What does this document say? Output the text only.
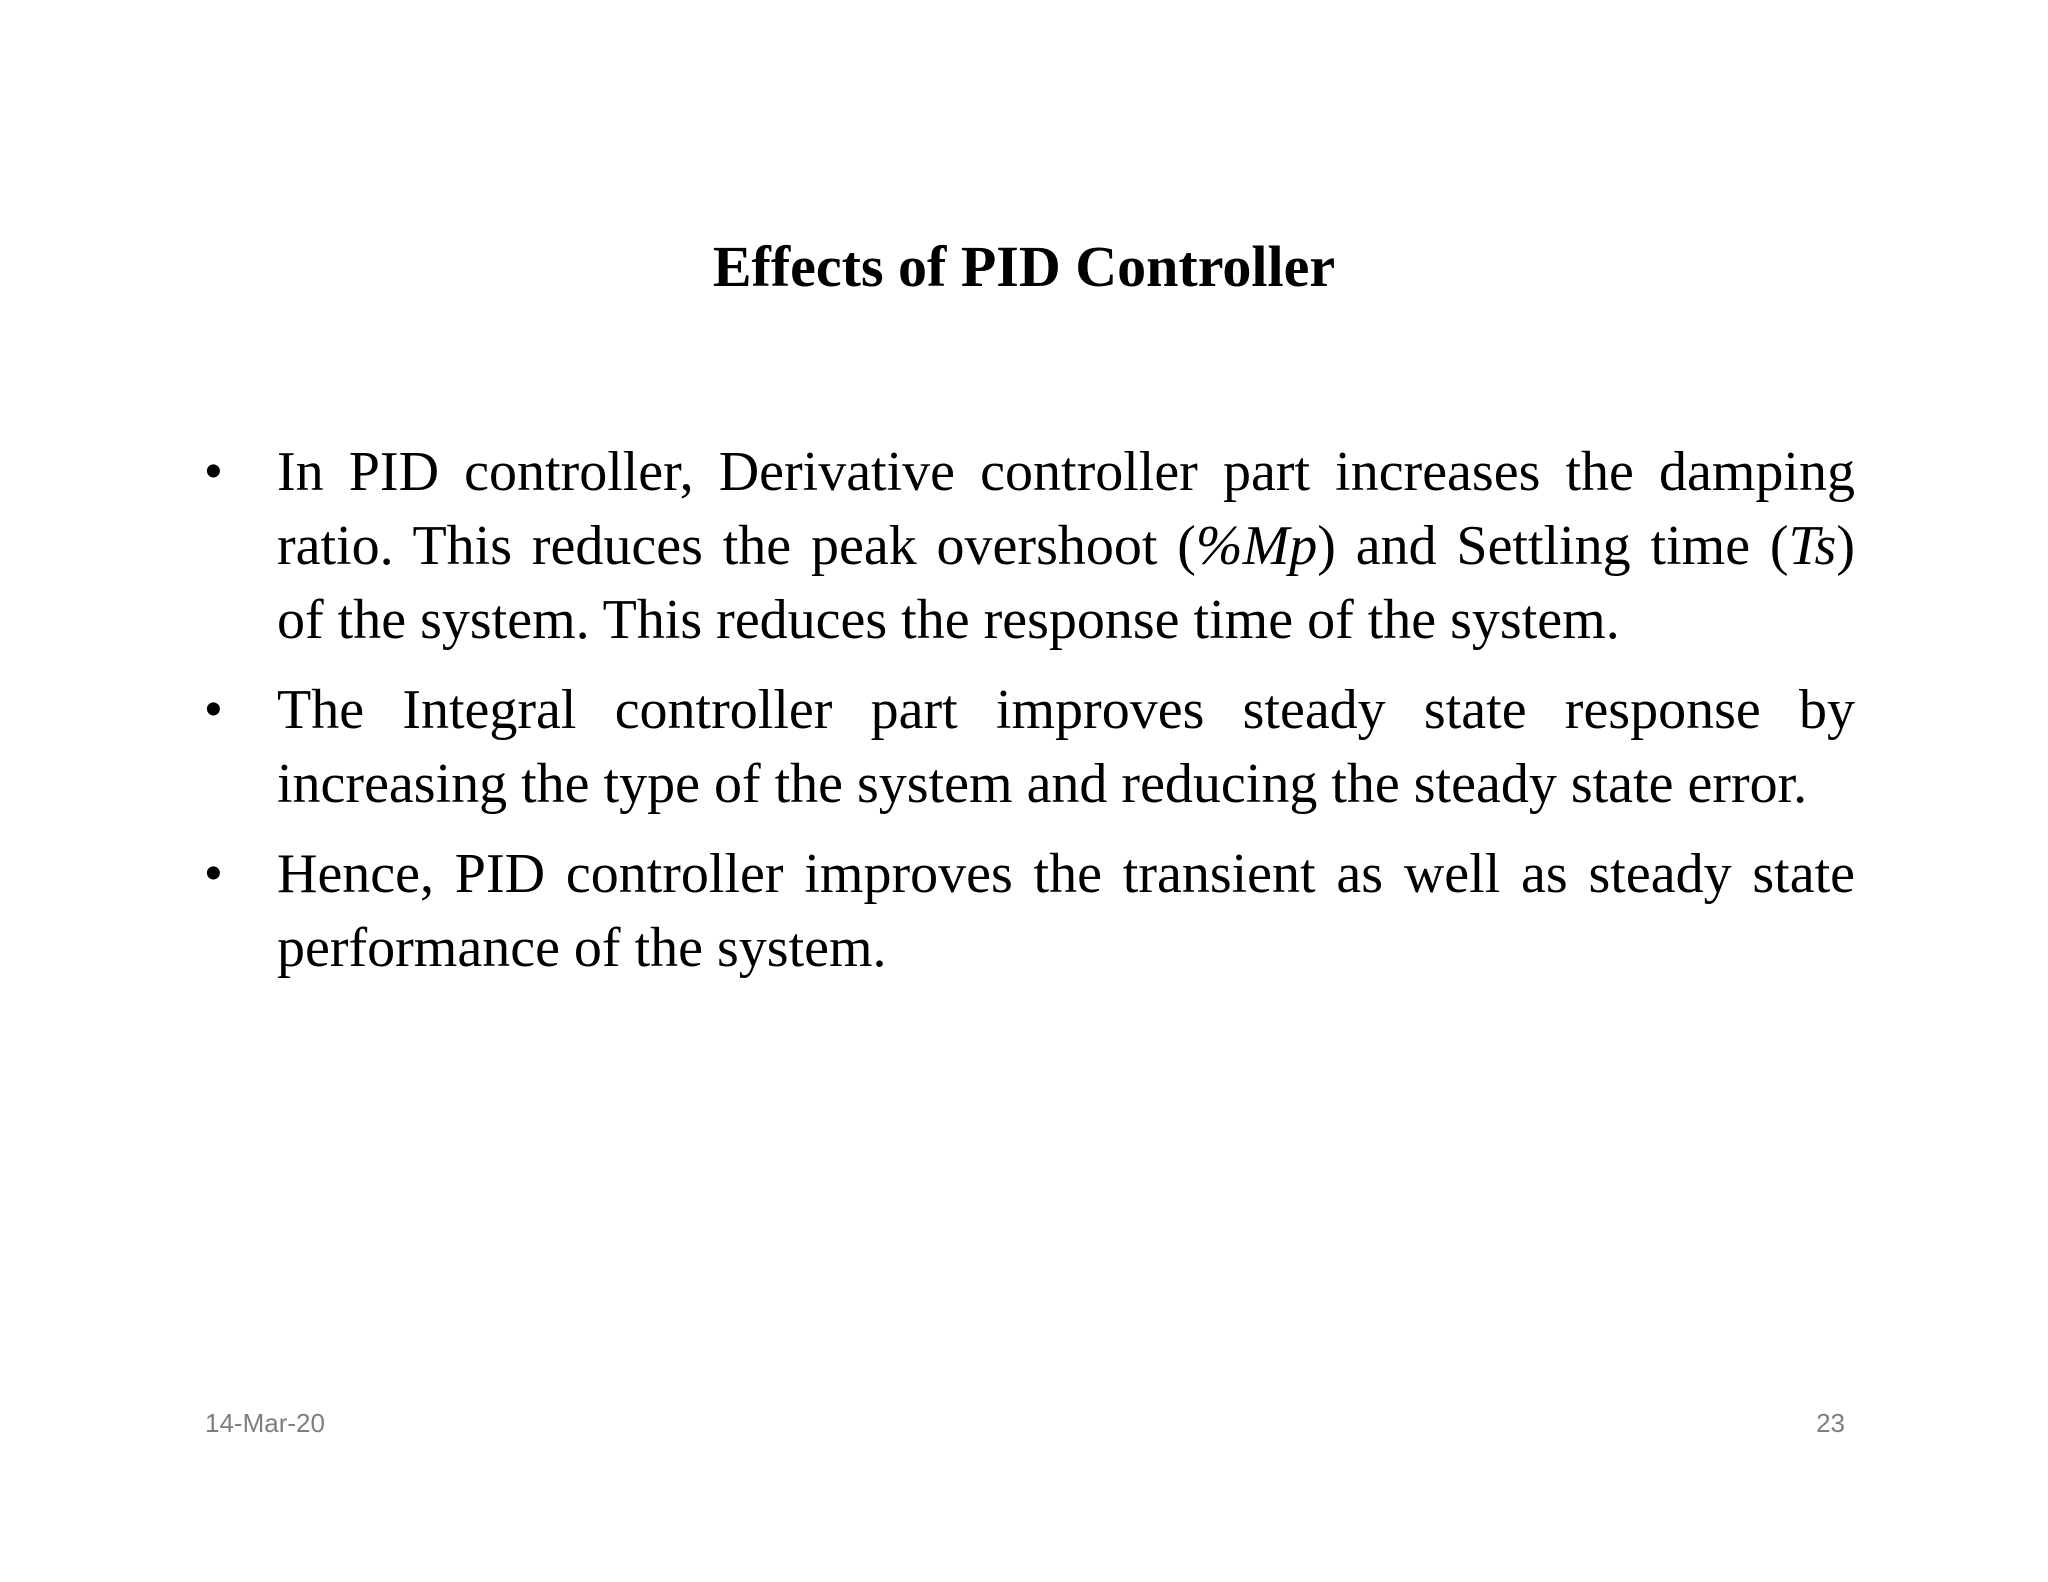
Effects of PID Controller
• In PID controller, Derivative controller part increases the damping ratio. This reduces the peak overshoot (%Mp) and Settling time (Ts) of the system. This reduces the response time of the system.
• The Integral controller part improves steady state response by increasing the type of the system and reducing the steady state error.
• Hence, PID controller improves the transient as well as steady state performance of the system.
14-Mar-20	23
